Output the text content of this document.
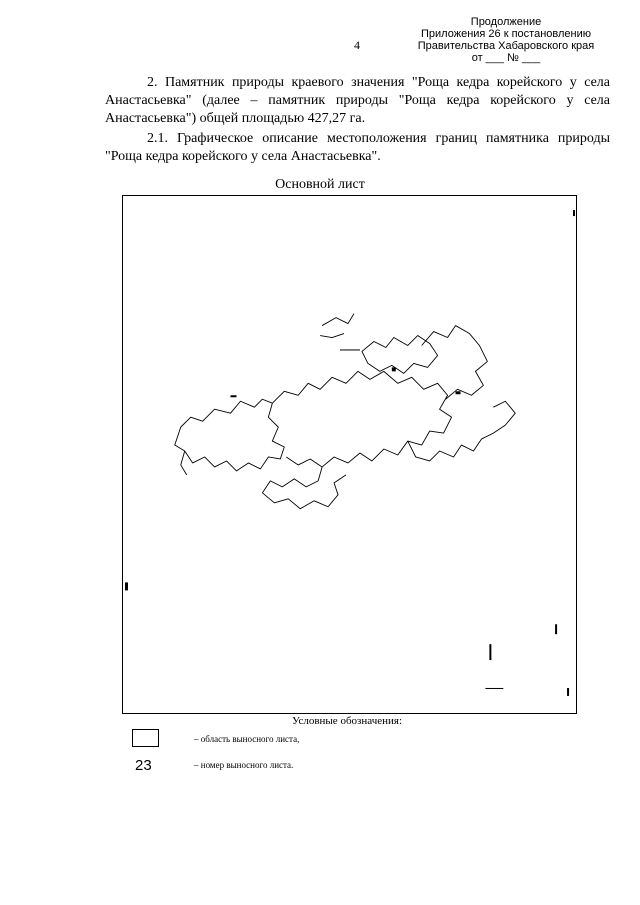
4
Продолжение
Приложения 26 к постановлению
Правительства Хабаровского края
от ___ № ___

2. Памятник природы краевого значения "Роща кедра корейского у села Анастасьевка" (далее – памятник природы "Роща кедра корейского у села Анастасьевка") общей площадью 427,27 га.

2.1. Графическое описание местоположения границ памятника природы "Роща кедра корейского у села Анастасьевка".

Основной лист
Условные обозначения:
– область выносного листа,
23	– номер выносного листа.
